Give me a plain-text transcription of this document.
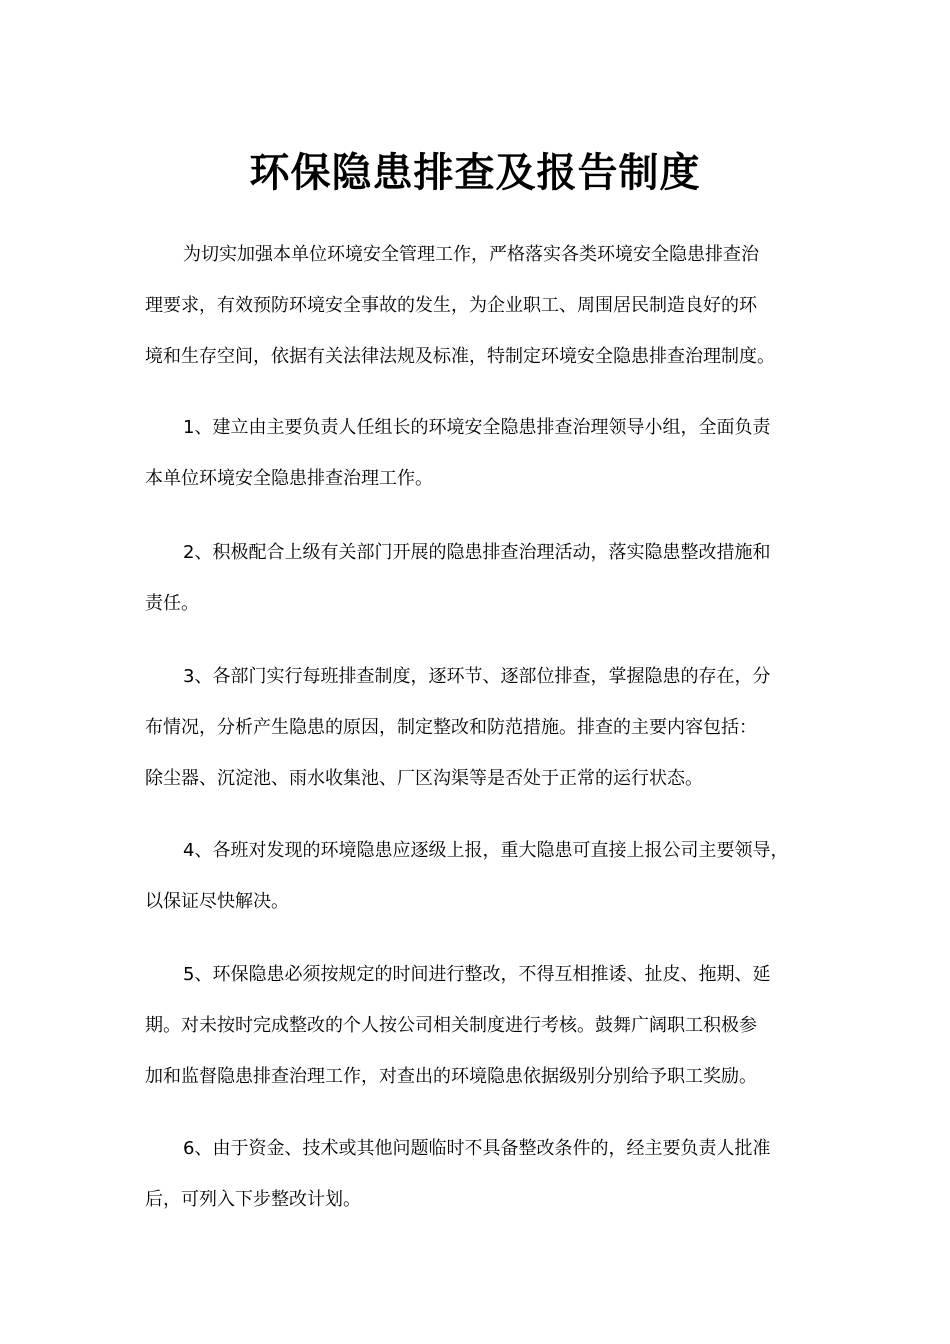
环保隐患排查及报告制度

为切实加强本单位环境安全管理工作，严格落实各类环境安全隐患排查治
理要求，有效预防环境安全事故的发生，为企业职工、周围居民制造良好的环
境和生存空间，依据有关法律法规及标准，特制定环境安全隐患排查治理制度。

1、建立由主要负责人任组长的环境安全隐患排查治理领导小组，全面负责
本单位环境安全隐患排查治理工作。

2、积极配合上级有关部门开展的隐患排查治理活动，落实隐患整改措施和
责任。

3、各部门实行每班排查制度，逐环节、逐部位排查，掌握隐患的存在，分
布情况，分析产生隐患的原因，制定整改和防范措施。排查的主要内容包括：
除尘器、沉淀池、雨水收集池、厂区沟渠等是否处于正常的运行状态。

4、各班对发现的环境隐患应逐级上报，重大隐患可直接上报公司主要领导，
以保证尽快解决。

5、环保隐患必须按规定的时间进行整改，不得互相推诿、扯皮、拖期、延
期。对未按时完成整改的个人按公司相关制度进行考核。鼓舞广阔职工积极参
加和监督隐患排查治理工作，对查出的环境隐患依据级别分别给予职工奖励。

6、由于资金、技术或其他问题临时不具备整改条件的，经主要负责人批准
后，可列入下步整改计划。
